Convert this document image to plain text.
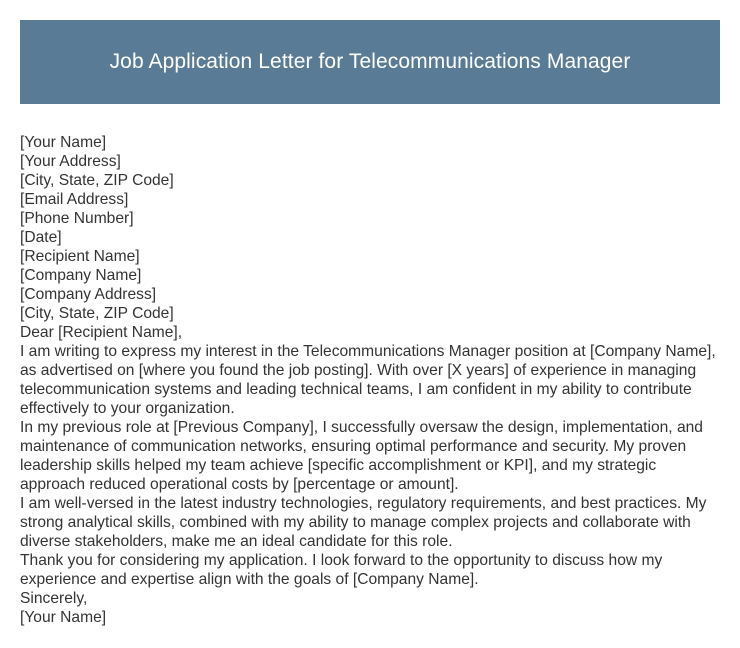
Job Application Letter for Telecommunications Manager

[Your Name]

[Your Address]

[City, State, ZIP Code]

[Email Address]

[Phone Number]

[Date]

[Recipient Name]

[Company Name]

[Company Address]

[City, State, ZIP Code]

Dear [Recipient Name],

I am writing to express my interest in the Telecommunications Manager position at [Company Name], as advertised on [where you found the job posting]. With over [X years] of experience in managing telecommunication systems and leading technical teams, I am confident in my ability to contribute effectively to your organization.

In my previous role at [Previous Company], I successfully oversaw the design, implementation, and maintenance of communication networks, ensuring optimal performance and security. My proven leadership skills helped my team achieve [specific accomplishment or KPI], and my strategic approach reduced operational costs by [percentage or amount].

I am well-versed in the latest industry technologies, regulatory requirements, and best practices. My strong analytical skills, combined with my ability to manage complex projects and collaborate with diverse stakeholders, make me an ideal candidate for this role.

Thank you for considering my application. I look forward to the opportunity to discuss how my experience and expertise align with the goals of [Company Name].

Sincerely,

[Your Name]
